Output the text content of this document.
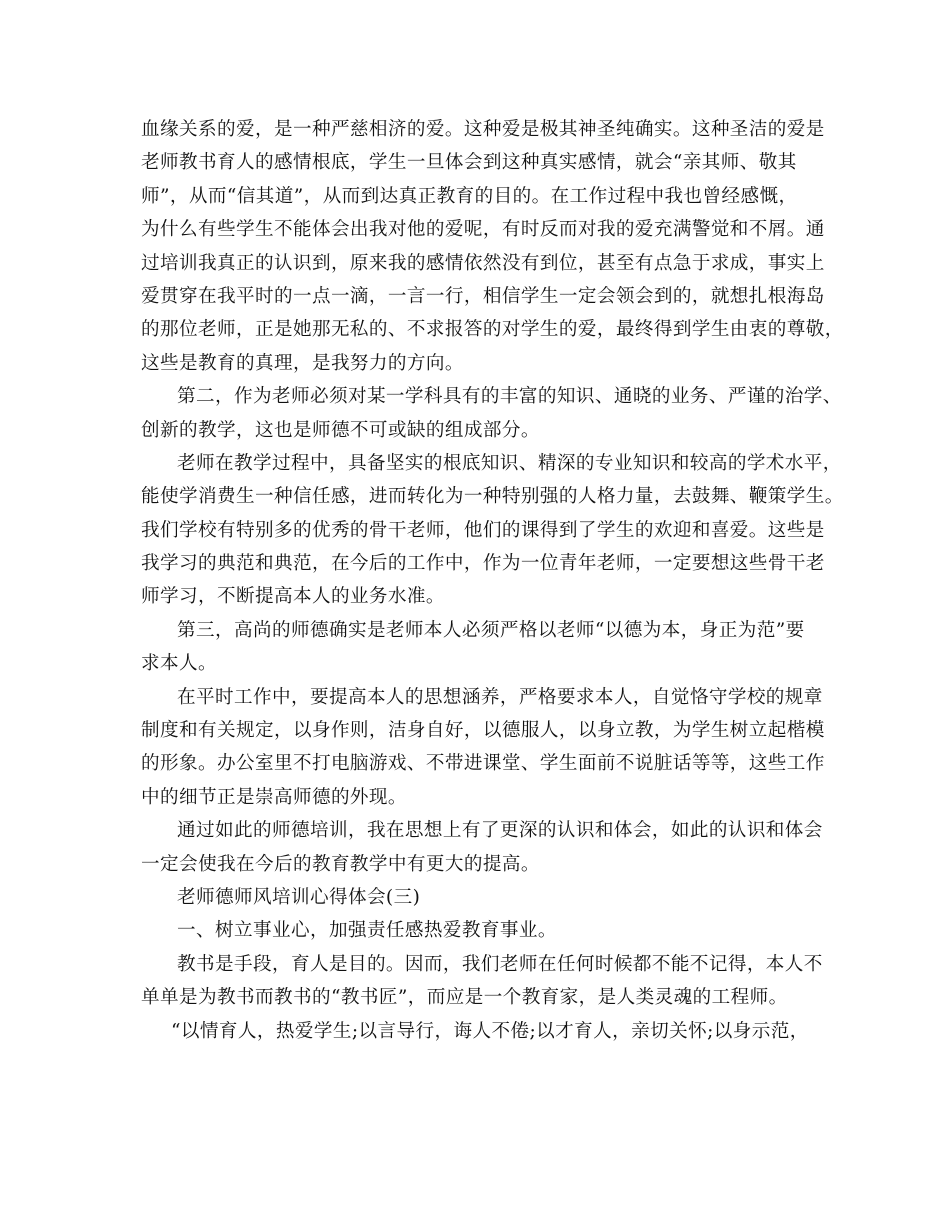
血缘关系的爱，是一种严慈相济的爱。这种爱是极其神圣纯确实。这种圣洁的爱是
老师教书育人的感情根底，学生一旦体会到这种真实感情，就会“亲其师、敬其
师”，从而“信其道”，从而到达真正教育的目的。在工作过程中我也曾经感慨，
为什么有些学生不能体会出我对他的爱呢，有时反而对我的爱充满警觉和不屑。通
过培训我真正的认识到，原来我的感情依然没有到位，甚至有点急于求成，事实上
爱贯穿在我平时的一点一滴，一言一行，相信学生一定会领会到的，就想扎根海岛
的那位老师，正是她那无私的、不求报答的对学生的爱，最终得到学生由衷的尊敬，
这些是教育的真理，是我努力的方向。
第二，作为老师必须对某一学科具有的丰富的知识、通晓的业务、严谨的治学、
创新的教学，这也是师德不可或缺的组成部分。
老师在教学过程中，具备坚实的根底知识、精深的专业知识和较高的学术水平，
能使学消费生一种信任感，进而转化为一种特别强的人格力量，去鼓舞、鞭策学生。
我们学校有特别多的优秀的骨干老师，他们的课得到了学生的欢迎和喜爱。这些是
我学习的典范和典范，在今后的工作中，作为一位青年老师，一定要想这些骨干老
师学习，不断提高本人的业务水准。
第三，高尚的师德确实是老师本人必须严格以老师“以德为本，身正为范”要
求本人。
在平时工作中，要提高本人的思想涵养，严格要求本人，自觉恪守学校的规章
制度和有关规定，以身作则，洁身自好，以德服人，以身立教，为学生树立起楷模
的形象。办公室里不打电脑游戏、不带进课堂、学生面前不说脏话等等，这些工作
中的细节正是崇高师德的外现。
通过如此的师德培训，我在思想上有了更深的认识和体会，如此的认识和体会
一定会使我在今后的教育教学中有更大的提高。
老师德师风培训心得体会(三)
一、树立事业心，加强责任感热爱教育事业。
教书是手段，育人是目的。因而，我们老师在任何时候都不能不记得，本人不
单单是为教书而教书的“教书匠”，而应是一个教育家，是人类灵魂的工程师。
“以情育人，热爱学生;以言导行，诲人不倦;以才育人，亲切关怀;以身示范，
